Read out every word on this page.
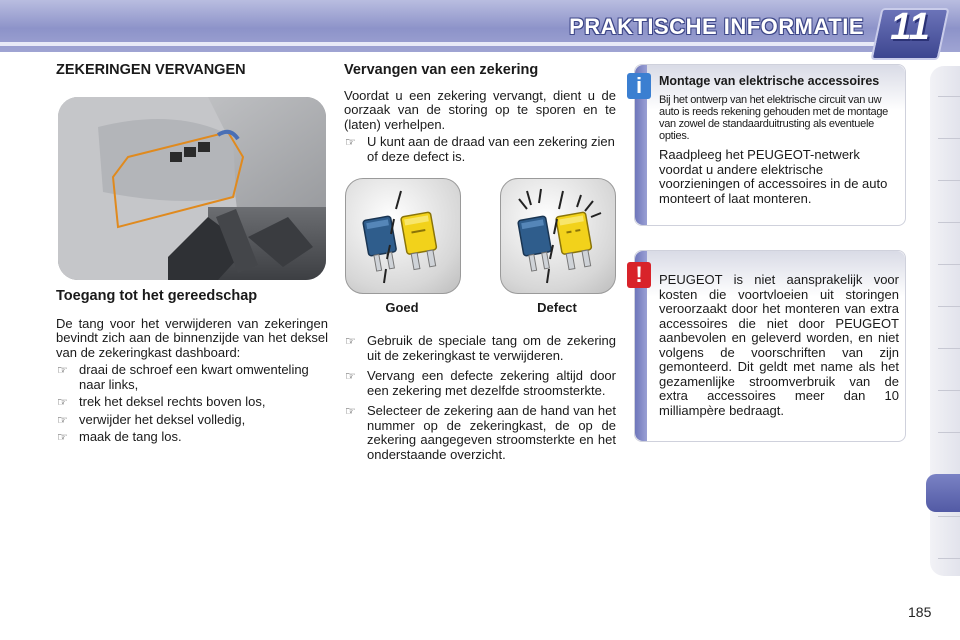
PRAKTISCHE INFORMATIE 11
ZEKERINGEN VERVANGEN
Toegang tot het gereedschap

De tang voor het verwijderen van zekeringen bevindt zich aan de binnenzijde van het deksel van de zekeringkast dashboard:

☞ draai de schroef een kwart omwenteling naar links,
☞ trek het deksel rechts boven los,
☞ verwijder het deksel volledig,
☞ maak de tang los.
Vervangen van een zekering

Voordat u een zekering vervangt, dient u de oorzaak van de storing op te sporen en te (laten) verhelpen.

☞ U kunt aan de draad van een zekering zien of deze defect is.
Goed	Defect
☞ Gebruik de speciale tang om de zekering uit de zekeringkast te verwijderen.
☞ Vervang een defecte zekering altijd door een zekering met dezelfde stroomsterkte.
☞ Selecteer de zekering aan de hand van het nummer op de zekeringkast, de op de zekering aangegeven stroomsterkte en het onderstaande overzicht.
Montage van elektrische accessoires
Bij het ontwerp van het elektrische circuit van uw auto is reeds rekening gehouden met de montage van zowel de standaarduitrusting als eventuele opties.
Raadpleeg het PEUGEOT-netwerk voordat u andere elektrische voorzieningen of accessoires in de auto monteert of laat monteren.
i
PEUGEOT is niet aansprakelijk voor kosten die voortvloeien uit storingen veroorzaakt door het monteren van extra accessoires die niet door PEUGEOT aanbevolen en geleverd worden, en niet volgens de voorschriften van zijn gemonteerd. Dit geldt met name als het gezamenlijke stroomverbruik van de extra accessoires meer dan 10 milliampère bedraagt.
!
185
